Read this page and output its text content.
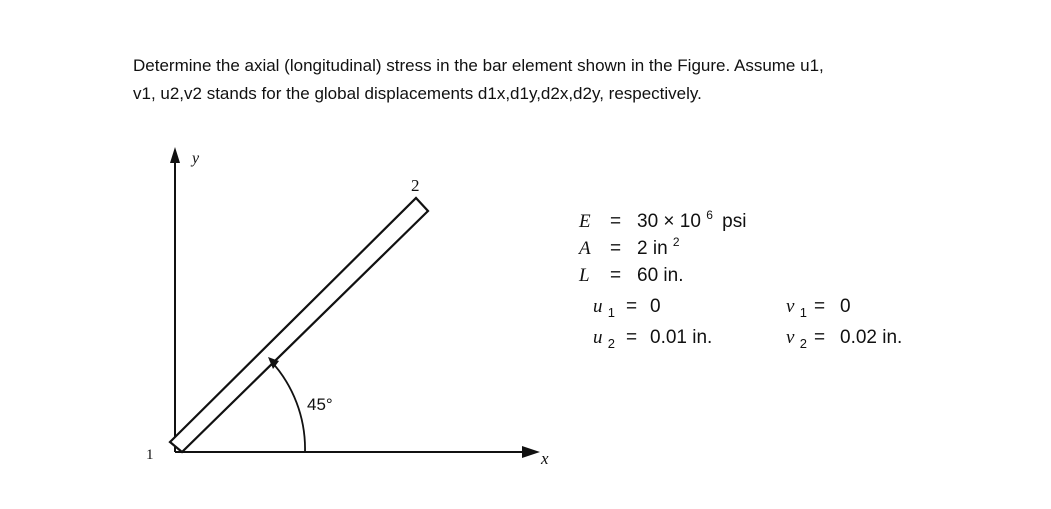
Determine the axial (longitudinal) stress in the bar element shown in the Figure. Assume u1,
v1, u2,v2 stands for the global displacements d1x,d1y,d2x,d2y, respectively.
y
x
1
2
45°
E = 30 × 10 $^6$ psi
A = 2 in $^2$
L = 60 in.
u $_1$ = 0
u $_2$ = 0.01 in.
v $_1$ = 0
v $_2$ = 0.02 in.
